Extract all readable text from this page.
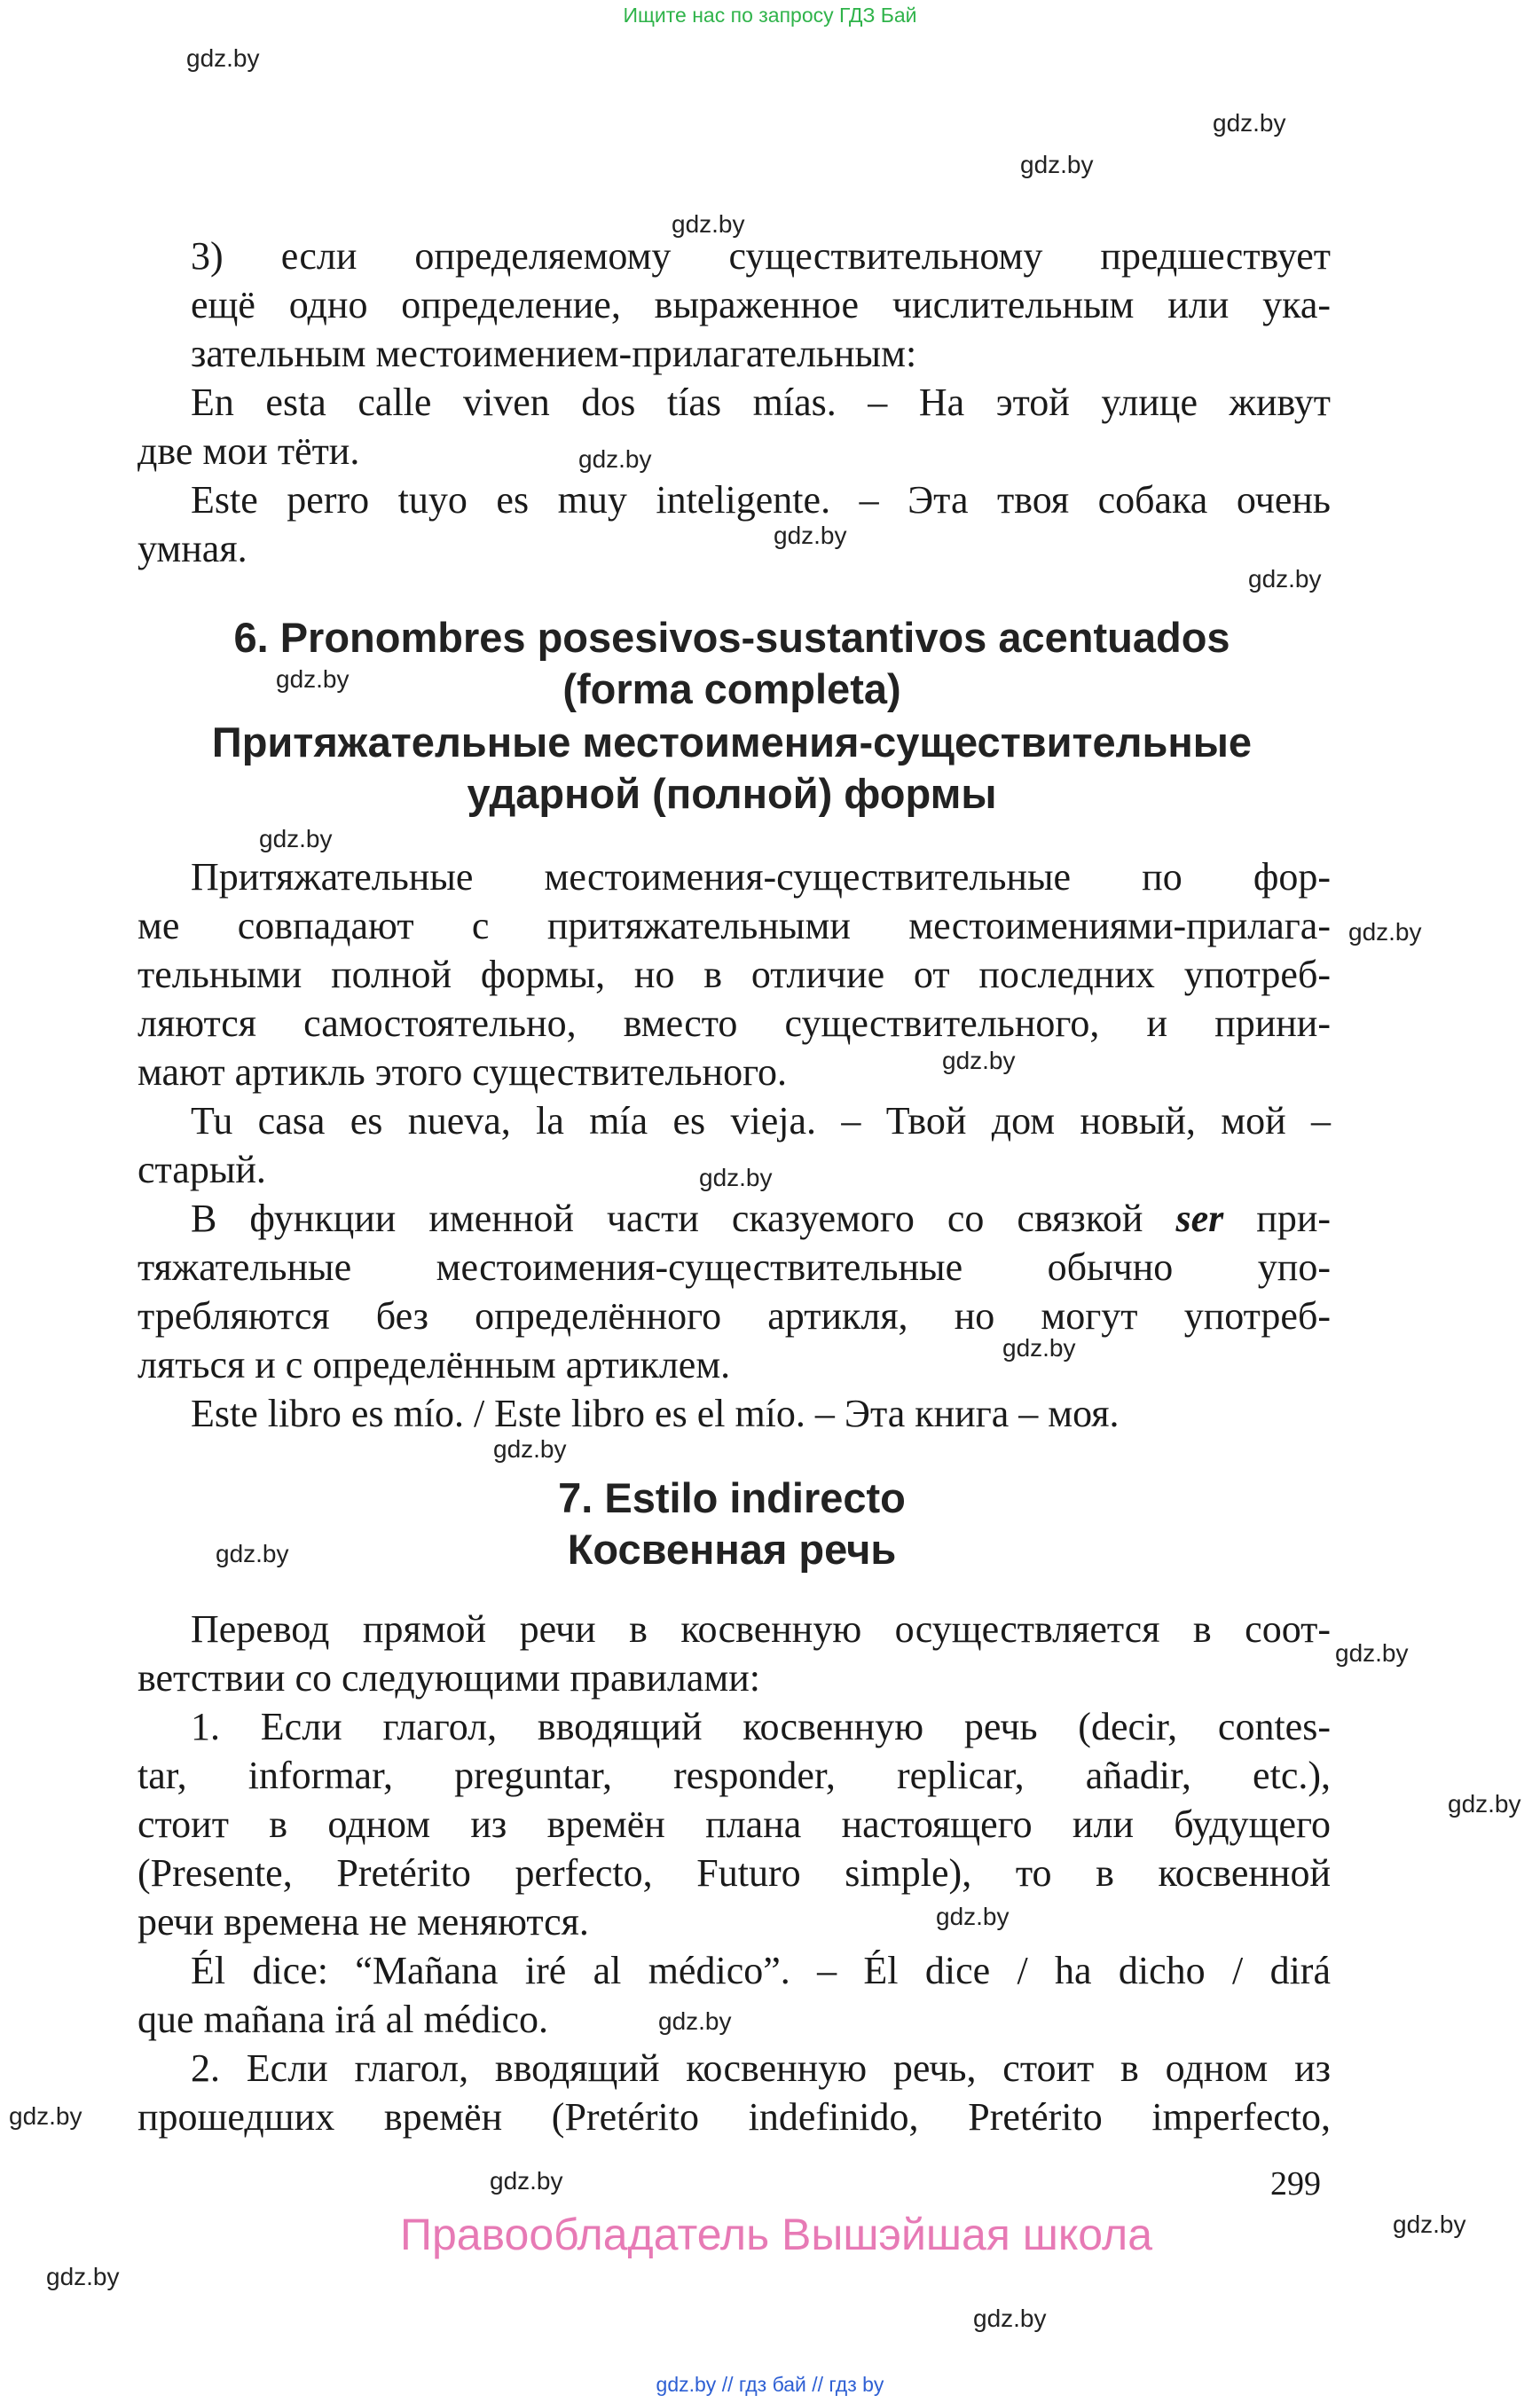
Ищите нас по запросу ГДЗ Бай
gdz.by
gdz.by
gdz.by
gdz.by
gdz.by
gdz.by
gdz.by
gdz.by
gdz.by
gdz.by
gdz.by
gdz.by
gdz.by
gdz.by
gdz.by
gdz.by
gdz.by
gdz.by
gdz.by
gdz.by
gdz.by
gdz.by
gdz.by
gdz.by
3) если определяемому существительному предшествует
ещё одно определение, выраженное числительным или ука-
зательным местоимением-прилагательным:
En esta calle viven dos tías mías. – На этой улице живут
две мои тёти.
Este perro tuyo es muy inteligente. – Эта твоя собака очень
умная.
6. Pronombres posesivos-sustantivos acentuados
(forma completa)
Притяжательные местоимения-существительные
ударной (полной) формы
Притяжательные местоимения-существительные по фор-
ме совпадают с притяжательными местоимениями-прилага-
тельными полной формы, но в отличие от последних употреб-
ляются самостоятельно, вместо существительного, и прини-
мают артикль этого существительного.
Tu casa es nueva, la mía es vieja. – Твой дом новый, мой –
старый.
В функции именной части сказуемого со связкой ser при-
тяжательные местоимения-существительные обычно упо-
требляются без определённого артикля, но могут употреб-
ляться и с определённым артиклем.
Este libro es mío. / Este libro es el mío. – Эта книга – моя.
7. Estilo indirecto
Косвенная речь
Перевод прямой речи в косвенную осуществляется в соот-
ветствии со следующими правилами:
1. Если глагол, вводящий косвенную речь (decir, contes-
tar, informar, preguntar, responder, replicar, añadir, etc.),
стоит в одном из времён плана настоящего или будущего
(Presente, Pretérito perfecto, Futuro simple), то в косвенной
речи времена не меняются.
Él dice: “Mañana iré al médico”. – Él dice / ha dicho / dirá
que mañana irá al médico.
2. Если глагол, вводящий косвенную речь, стоит в одном из
прошедших времён (Pretérito indefinido, Pretérito imperfecto,
299
Правообладатель Вышэйшая школа
gdz.by // гдз бай // гдз by
